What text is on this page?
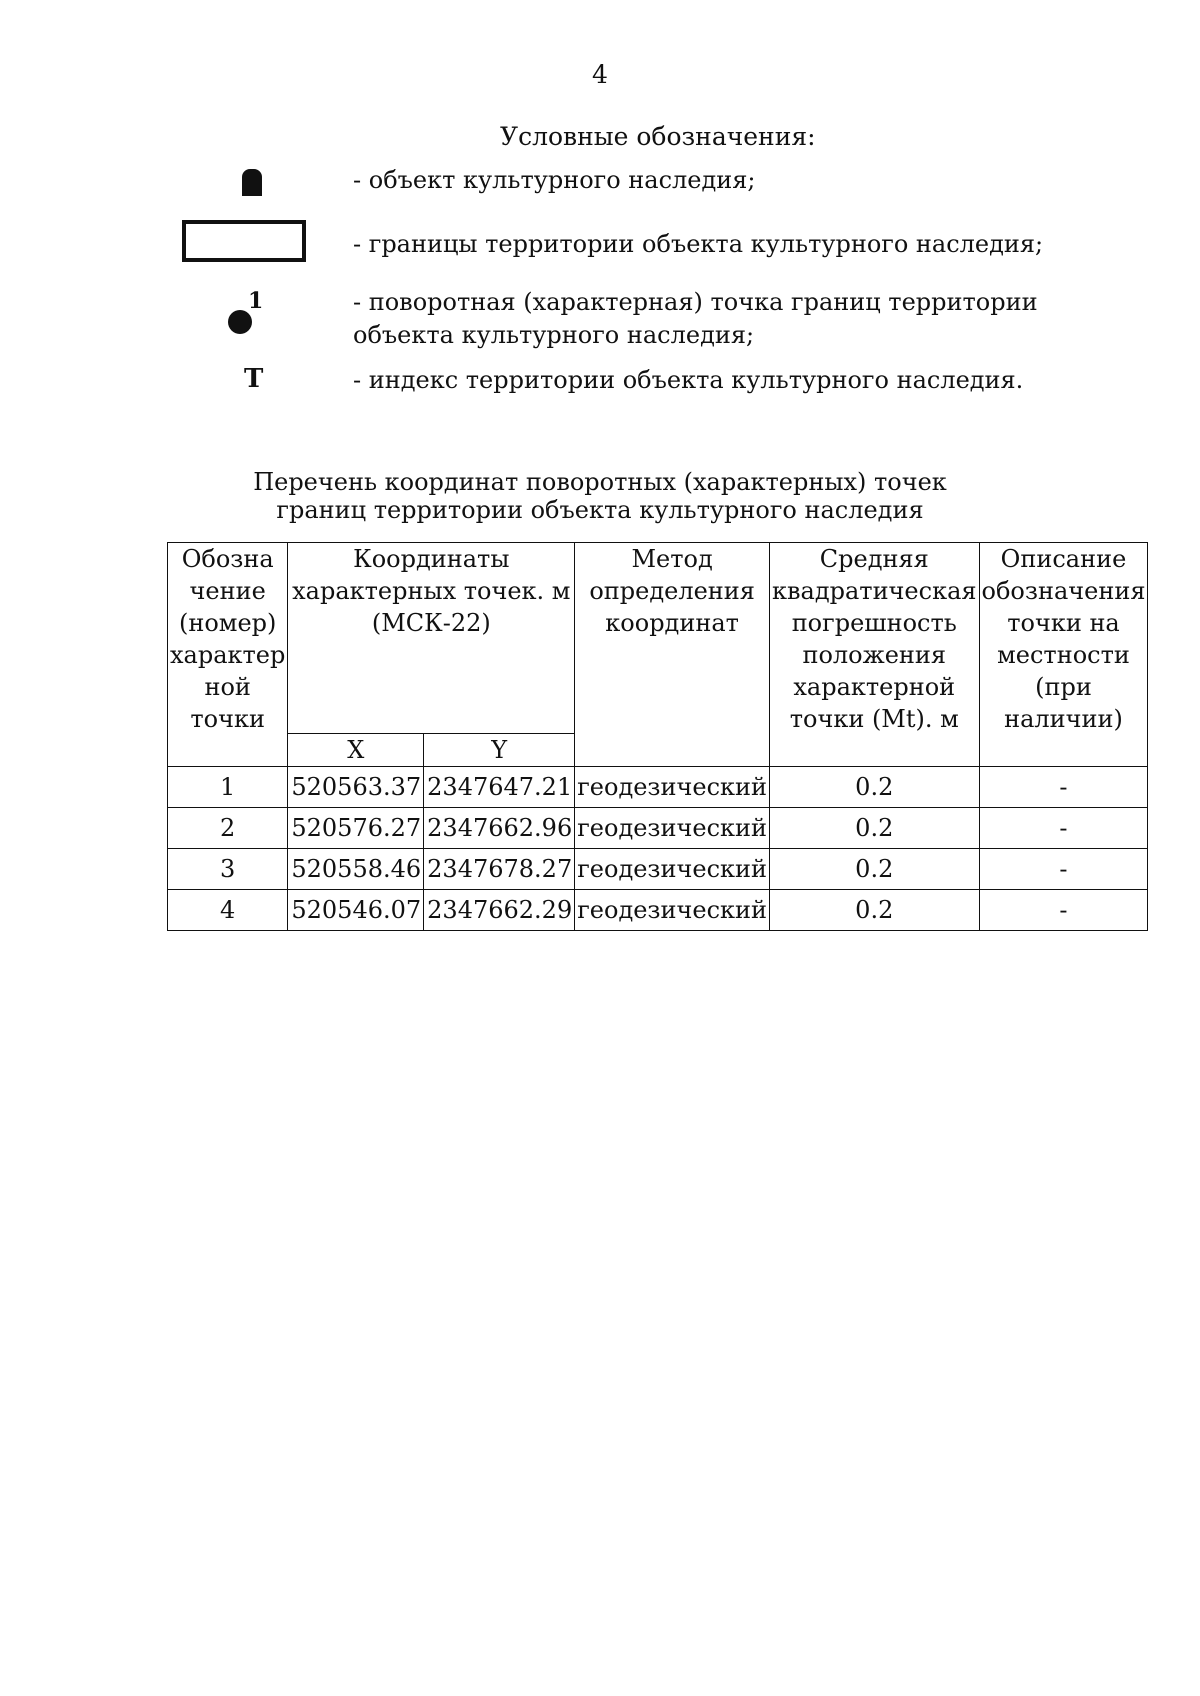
4
Условные обозначения:
- объект культурного наследия;
- границы территории объекта культурного наследия;
1	- поворотная (характерная) точка границ территории объекта культурного наследия;
Т	- индекс территории объекта культурного наследия.
Перечень координат поворотных (характерных) точек
границ территории объекта культурного наследия
Обозна чение (номер) характер ной точки	Координаты характерных точек. м (МСК-22)		Метод определения координат	Средняя квадратическая погрешность положения характерной точки (Mt). м	Описание обозначения точки на местности (при наличии)
	X	Y			
1	520563.37	2347647.21	геодезический	0.2	-
2	520576.27	2347662.96	геодезический	0.2	-
3	520558.46	2347678.27	геодезический	0.2	-
4	520546.07	2347662.29	геодезический	0.2	-
